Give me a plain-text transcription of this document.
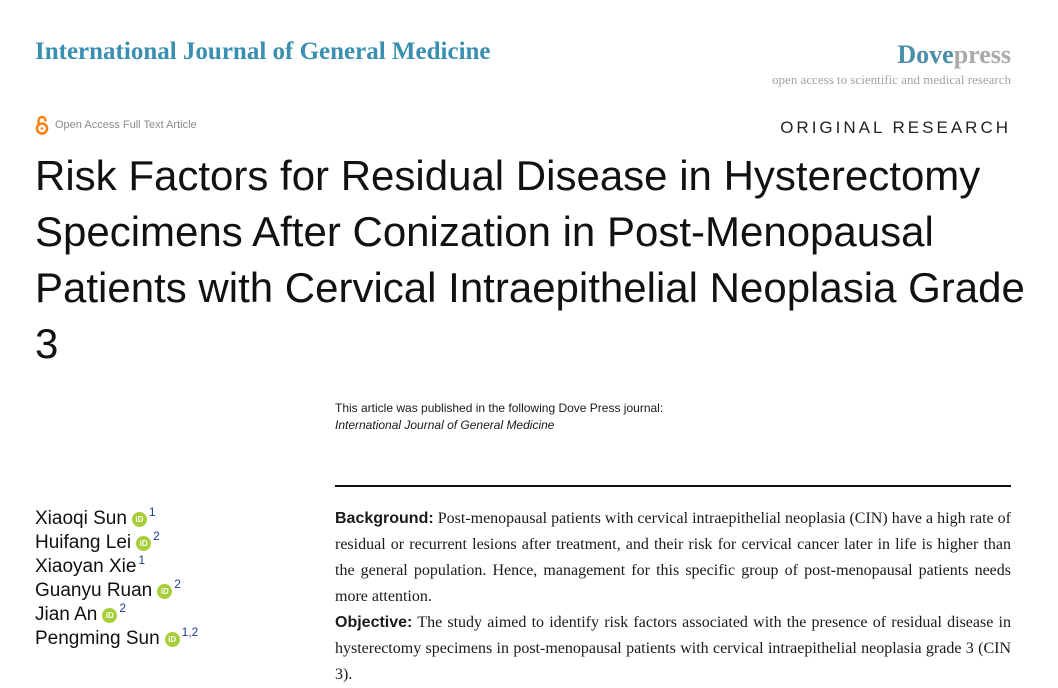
International Journal of General Medicine	Dovepress
open access to scientific and medical research
Open Access Full Text Article	ORIGINAL RESEARCH
Risk Factors for Residual Disease in Hysterectomy Specimens After Conization in Post-Menopausal Patients with Cervical Intraepithelial Neoplasia Grade 3
This article was published in the following Dove Press journal:
International Journal of General Medicine
Xiaoqi Sun	iD $^1$
Huifang Lei	iD $^2$
Xiaoyan Xie$^1$
Guanyu Ruan	iD $^2$
Jian An	iD $^2$
Pengming Sun	iD $^{1,2}$

Background: Post-menopausal patients with cervical intraepithelial neoplasia (CIN) have a high rate of residual or recurrent lesions after treatment, and their risk for cervical cancer later in life is higher than the general population. Hence, management for this specific group of post-menopausal patients needs more attention.

Objective: The study aimed to identify risk factors associated with the presence of residual disease in hysterectomy specimens in post-menopausal patients with cervical intraepithelial neoplasia grade 3 (CIN 3).
